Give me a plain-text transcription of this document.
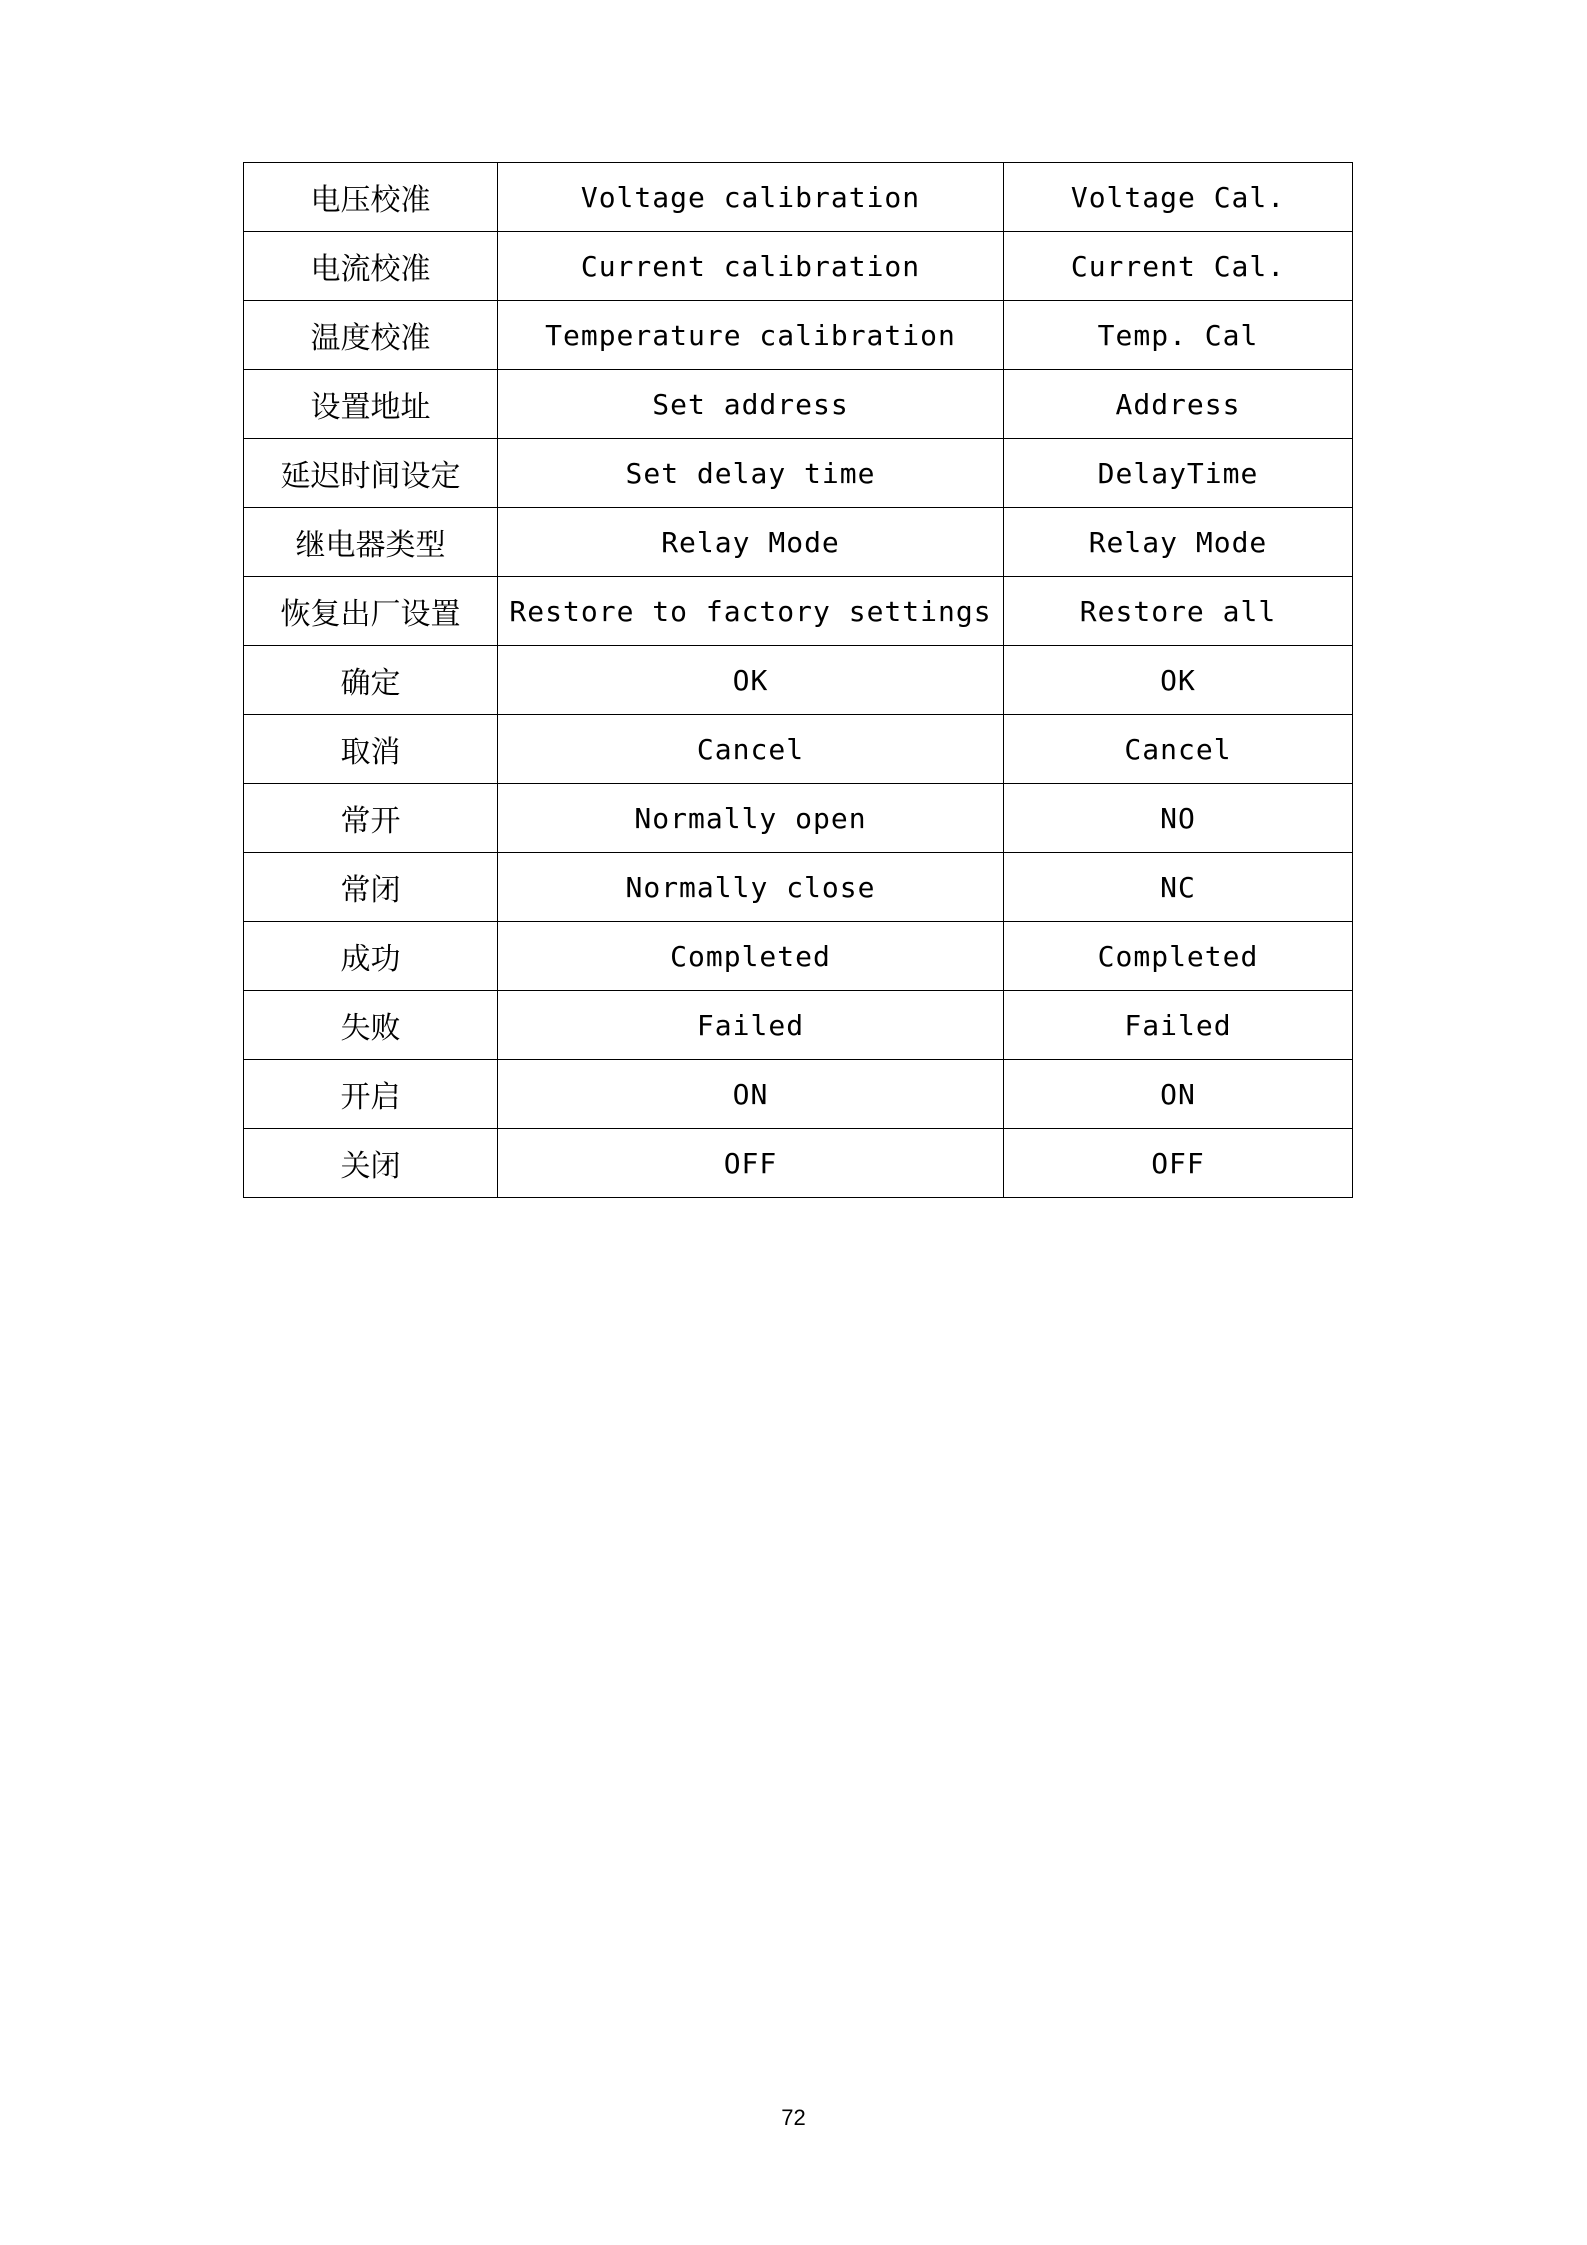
电压校准	Voltage calibration	Voltage Cal.
电流校准	Current calibration	Current Cal.
温度校准	Temperature calibration	Temp. Cal
设置地址	Set address	Address
延迟时间设定	Set delay time	DelayTime
继电器类型	Relay Mode	Relay Mode
恢复出厂设置	Restore to factory settings	Restore all
确定	OK	OK
取消	Cancel	Cancel
常开	Normally open	NO
常闭	Normally close	NC
成功	Completed	Completed
失败	Failed	Failed
开启	ON	ON
关闭	OFF	OFF
72
